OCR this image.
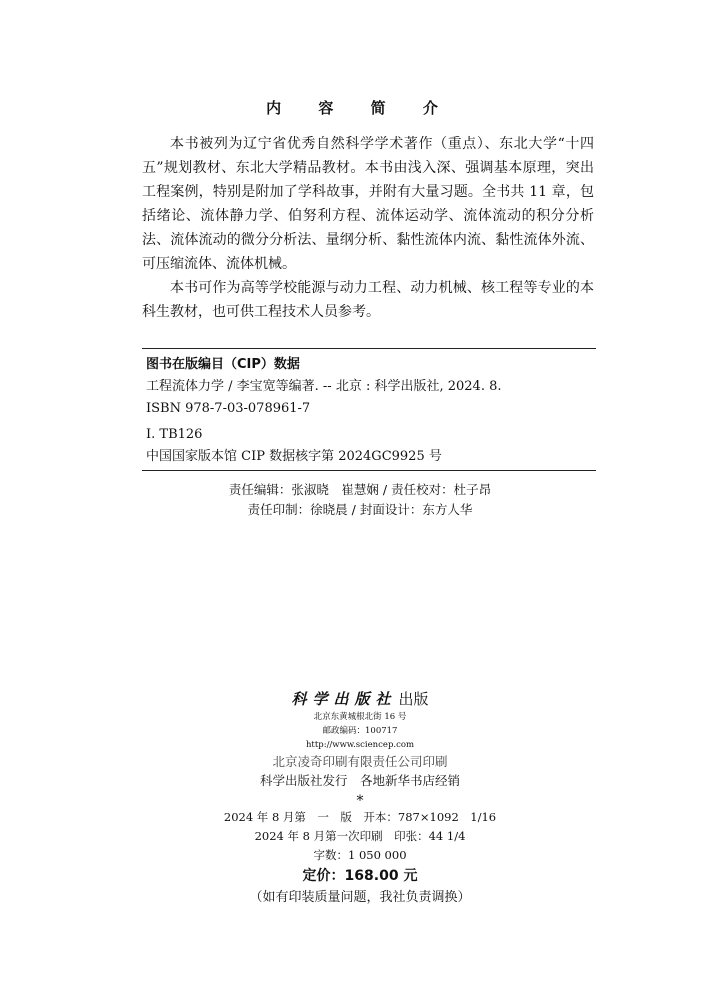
内 容 简 介

本书被列为辽宁省优秀自然科学学术著作（重点）、东北大学“十四五”规划教材、东北大学精品教材。本书由浅入深、强调基本原理，突出工程案例，特别是附加了学科故事，并附有大量习题。全书共 11 章，包括绪论、流体静力学、伯努利方程、流体运动学、流体流动的积分分析法、流体流动的微分分析法、量纲分析、黏性流体内流、黏性流体外流、可压缩流体、流体机械。

本书可作为高等学校能源与动力工程、动力机械、核工程等专业的本科生教材，也可供工程技术人员参考。

图书在版编目（CIP）数据
工程流体力学 / 李宝宽等编著. -- 北京 : 科学出版社, 2024. 8.
ISBN 978-7-03-078961-7
Ⅰ. TB126
中国国家版本馆 CIP 数据核字第 2024GC9925 号
责任编辑：张淑晓　崔慧娴 / 责任校对：杜子昂
责任印制：徐晓晨 / 封面设计：东方人华
科学出版社 出版
北京东黄城根北街 16 号
邮政编码：100717
http://www.sciencep.com
北京凌奇印刷有限责任公司印刷
科学出版社发行　各地新华书店经销
*
2024 年 8 月第　一　版　开本：787×1092　1/16
2024 年 8 月第一次印刷　印张：44 1/4
字数：1 050 000
定价：168.00 元
（如有印装质量问题，我社负责调换）
